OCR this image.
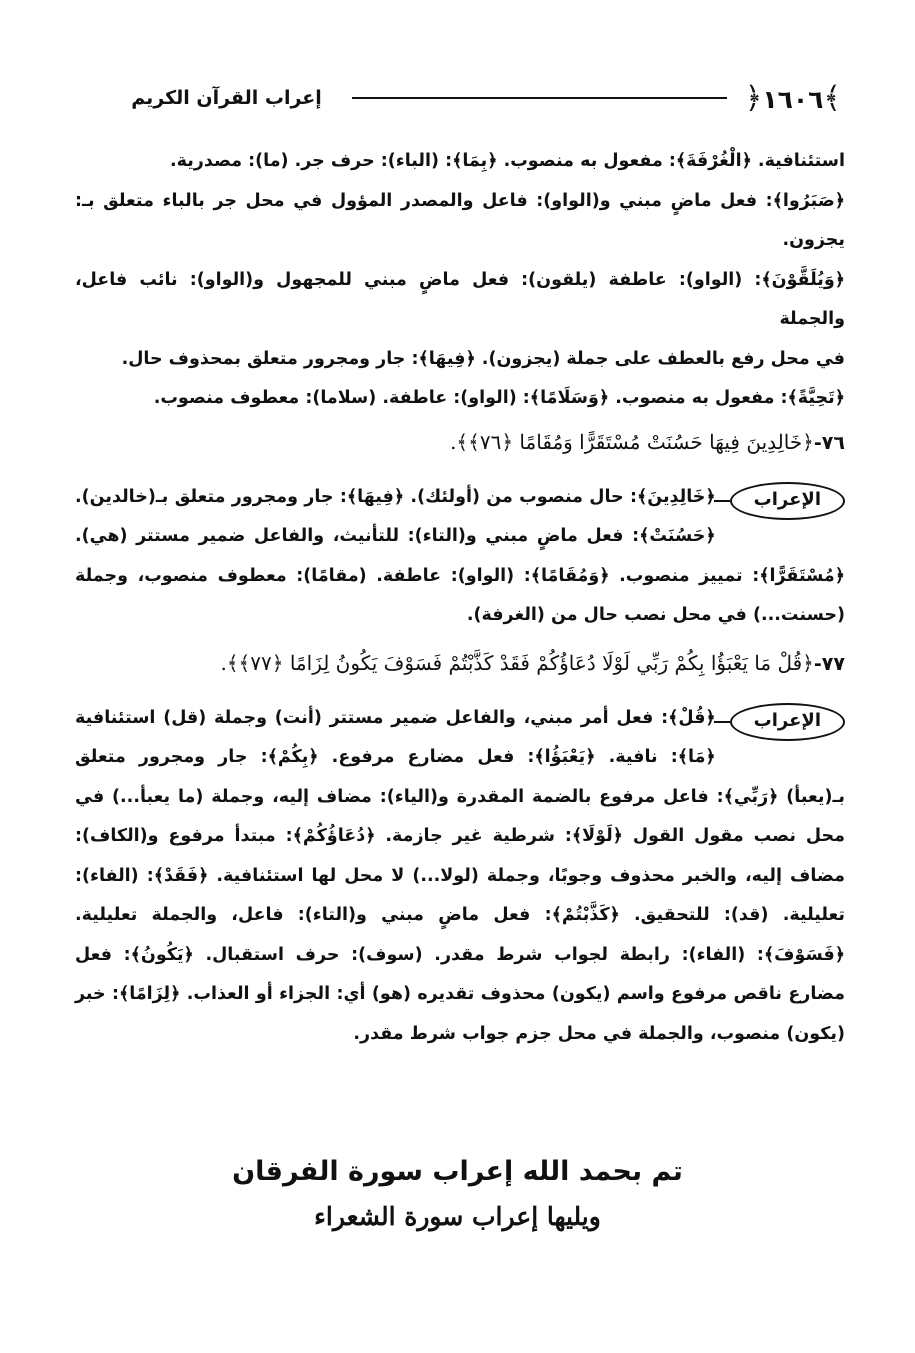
﴾١٦٠٦﴿
إعراب القرآن الكريم

استئنافية. ﴿الْغُرْفَةَ﴾: مفعول به منصوب. ﴿بِمَا﴾: (الباء): حرف جر. (ما): مصدرية.

﴿صَبَرُوا﴾: فعل ماضٍ مبني و(الواو): فاعل والمصدر المؤول في محل جر بالباء متعلق بـ: يجزون.

﴿وَيُلَقَّوْنَ﴾: (الواو): عاطفة (يلقون): فعل ماضٍ مبني للمجهول و(الواو): نائب فاعل، والجملة

في محل رفع بالعطف على جملة (يجزون). ﴿فِيهَا﴾: جار ومجرور متعلق بمحذوف حال.

﴿تَحِيَّةً﴾: مفعول به منصوب. ﴿وَسَلَامًا﴾: (الواو): عاطفة. (سلاما): معطوف منصوب.

٧٦-﴿خَالِدِينَ فِيهَا حَسُنَتْ مُسْتَقَرًّا وَمُقَامًا ﴿٧٦﴾﴾.
الإعراب

﴿خَالِدِينَ﴾: حال منصوب من (أولئك). ﴿فِيهَا﴾: جار ومجرور متعلق بـ(خالدين). ﴿حَسُنَتْ﴾: فعل ماضٍ مبني و(التاء): للتأنيث، والفاعل ضمير مستتر (هي). ﴿مُسْتَقَرًّا﴾: تمييز منصوب. ﴿وَمُقَامًا﴾: (الواو): عاطفة. (مقامًا): معطوف منصوب، وجملة (حسنت...) في محل نصب حال من (الغرفة).

٧٧-﴿قُلْ مَا يَعْبَؤُا بِكُمْ رَبِّي لَوْلَا دُعَاؤُكُمْ فَقَدْ كَذَّبْتُمْ فَسَوْفَ يَكُونُ لِزَامًا ﴿٧٧﴾﴾.
الإعراب

﴿قُلْ﴾: فعل أمر مبني، والفاعل ضمير مستتر (أنت) وجملة (قل) استئنافية ﴿مَا﴾: نافية. ﴿يَعْبَؤُا﴾: فعل مضارع مرفوع. ﴿بِكُمْ﴾: جار ومجرور متعلق بـ(يعبأ) ﴿رَبِّي﴾: فاعل مرفوع بالضمة المقدرة و(الياء): مضاف إليه، وجملة (ما يعبأ...) في محل نصب مقول القول ﴿لَوْلَا﴾: شرطية غير جازمة. ﴿دُعَاؤُكُمْ﴾: مبتدأ مرفوع و(الكاف): مضاف إليه، والخبر محذوف وجوبًا، وجملة (لولا...) لا محل لها استئنافية. ﴿فَقَدْ﴾: (الفاء): تعليلية. (قد): للتحقيق. ﴿كَذَّبْتُمْ﴾: فعل ماضٍ مبني و(التاء): فاعل، والجملة تعليلية. ﴿فَسَوْفَ﴾: (الفاء): رابطة لجواب شرط مقدر. (سوف): حرف استقبال. ﴿يَكُونُ﴾: فعل مضارع ناقص مرفوع واسم (يكون) محذوف تقديره (هو) أي: الجزاء أو العذاب. ﴿لِزَامًا﴾: خبر (يكون) منصوب، والجملة في محل جزم جواب شرط مقدر.

تم بحمد الله إعراب سورة الفرقان
ويليها إعراب سورة الشعراء
